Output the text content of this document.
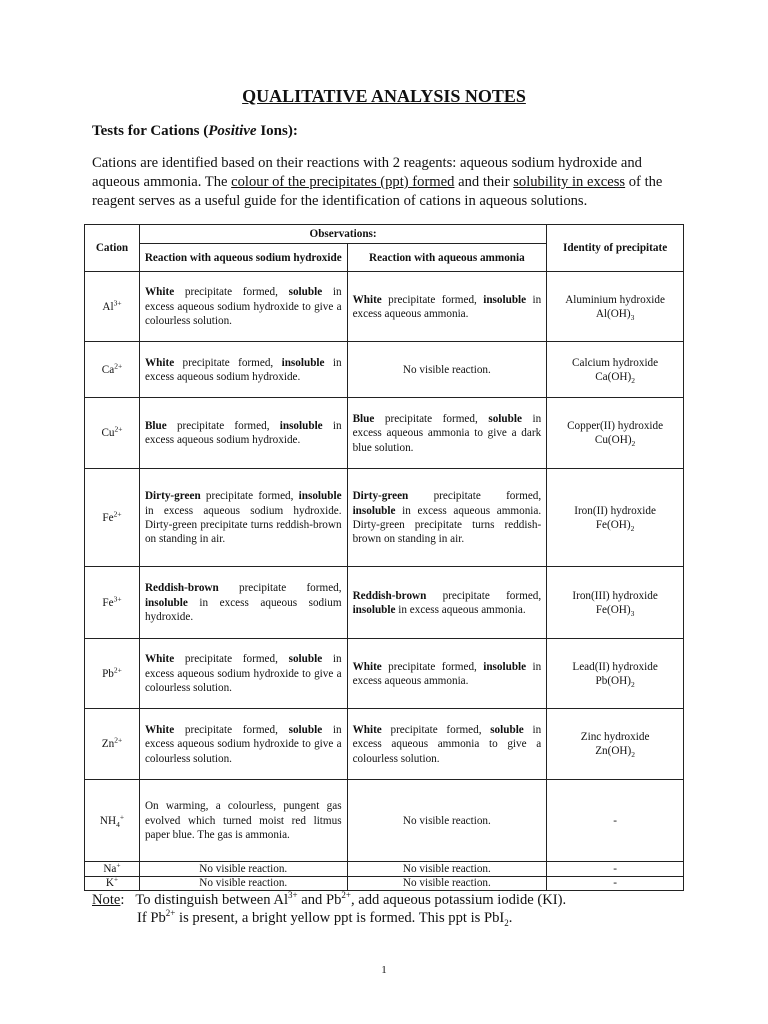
QUALITATIVE ANALYSIS NOTES
Tests for Cations (Positive Ions):
Cations are identified based on their reactions with 2 reagents: aqueous sodium hydroxide and aqueous ammonia. The colour of the precipitates (ppt) formed and their solubility in excess of the reagent serves as a useful guide for the identification of cations in aqueous solutions.
Cation	Observations:		Identity of precipitate
	Reaction with aqueous sodium hydroxide	Reaction with aqueous ammonia	
$Al^{3+}$	White precipitate formed, soluble in excess aqueous sodium hydroxide to give a colourless solution.	White precipitate formed, insoluble in excess aqueous ammonia.	Aluminium hydroxide
$Al(OH)_3$

$Ca^{2+}$	White precipitate formed, insoluble in excess aqueous sodium hydroxide.	No visible reaction.	Calcium hydroxide
$Ca(OH)_2$

$Cu^{2+}$	Blue precipitate formed, insoluble in excess aqueous sodium hydroxide.	Blue precipitate formed, soluble in excess aqueous ammonia to give a dark blue solution.	Copper(II) hydroxide
$Cu(OH)_2$

$Fe^{2+}$	Dirty-green precipitate formed, insoluble in excess aqueous sodium hydroxide. Dirty-green precipitate turns reddish-brown on standing in air.	Dirty-green precipitate formed, insoluble in excess aqueous ammonia. Dirty-green precipitate turns reddish-brown on standing in air.	Iron(II) hydroxide
$Fe(OH)_2$

$Fe^{3+}$	Reddish-brown precipitate formed, insoluble in excess aqueous sodium hydroxide.	Reddish-brown precipitate formed, insoluble in excess aqueous ammonia.	Iron(III) hydroxide
$Fe(OH)_3$

$Pb^{2+}$	White precipitate formed, soluble in excess aqueous sodium hydroxide to give a colourless solution.	White precipitate formed, insoluble in excess aqueous ammonia.	Lead(II) hydroxide
$Pb(OH)_2$

$Zn^{2+}$	White precipitate formed, soluble in excess aqueous sodium hydroxide to give a colourless solution.	White precipitate formed, soluble in excess aqueous ammonia to give a colourless solution.	Zinc hydroxide
$Zn(OH)_2$

$NH_4^+$	On warming, a colourless, pungent gas evolved which turned moist red litmus paper blue. The gas is ammonia.	No visible reaction.	-
Na+	No visible reaction.	No visible reaction.	-
K+	No visible reaction.	No visible reaction.	-
Note: To distinguish between $Al^{3+}$ and $Pb^{2+}$, add aqueous potassium iodide (KI).
If $Pb^{2+}$ is present, a bright yellow ppt is formed. This ppt is PbI$_2$.
1
